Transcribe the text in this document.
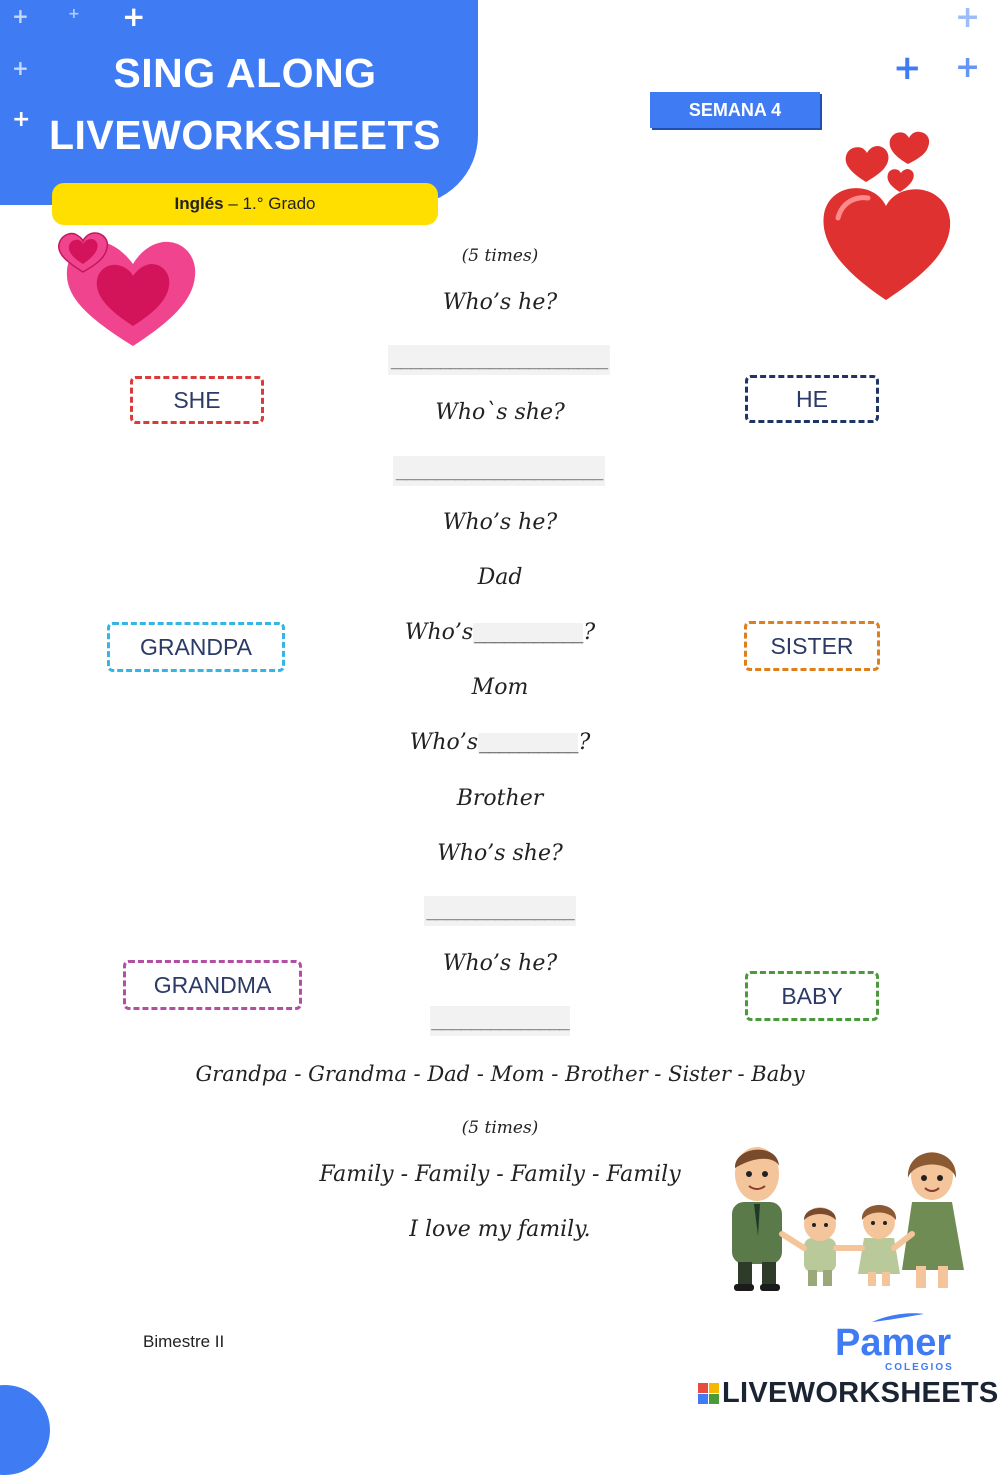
+	+ +
+
+
SING ALONG
LIVEWORKSHEETS
Inglés – 1.° Grado
+
+ +
SEMANA 4
(5 times)
Who’s he?
______________________
Who`s she?
_____________________
Who’s he?
Dad
Who’s ___________ ?
Mom
Who’s __________ ?
Brother
Who’s she?
_______________
Who’s he?
______________
Grandpa - Grandma - Dad - Mom - Brother - Sister - Baby
(5 times)
Family - Family - Family - Family
I love my family.
SHE	HE
GRANDPA	SISTER
GRANDMA	BABY
Bimestre II	Pamer
COLEGIOS
LIVEWORKSHEETS
